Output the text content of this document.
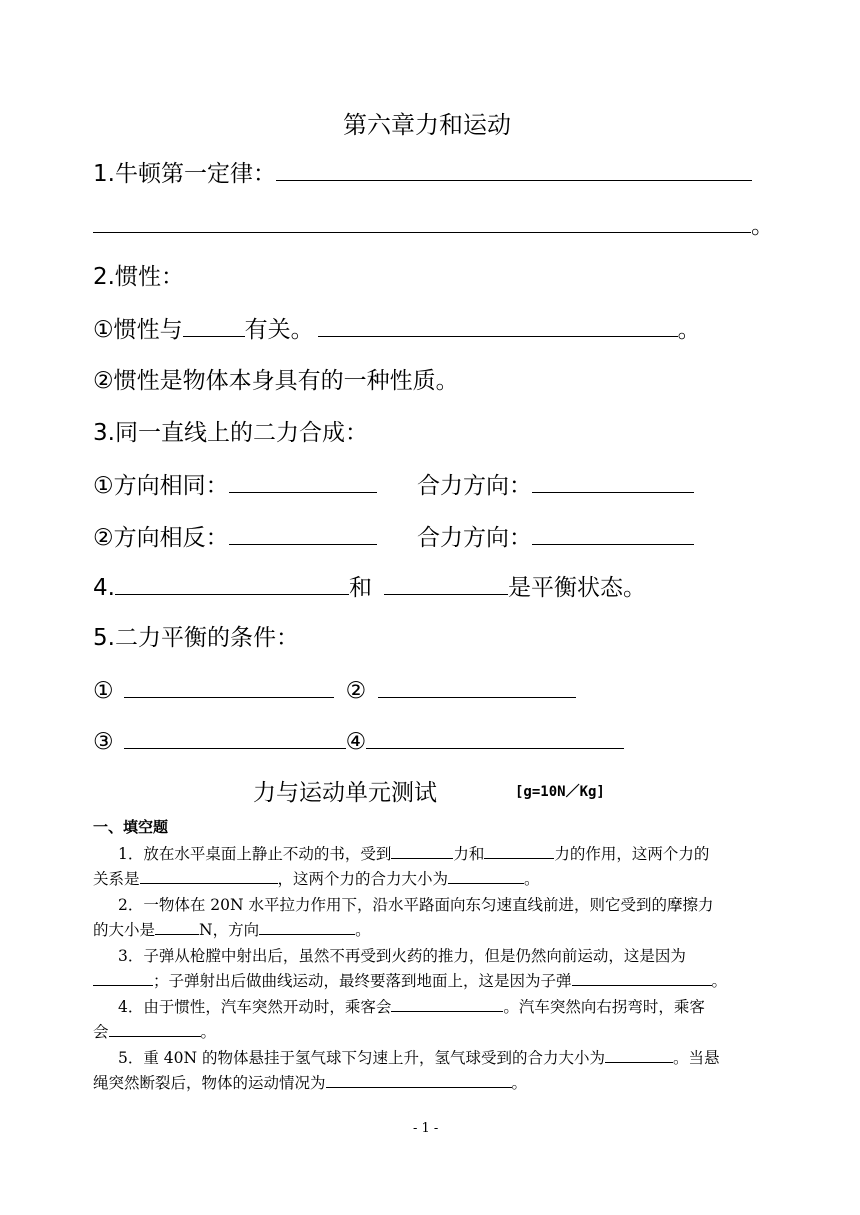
第六章力和运动
1.牛顿第一定律：
。
2.惯性：
①惯性与	有关。	。
②惯性是物体本身具有的一种性质。
3.同一直线上的二力合成：
①方向相同：	合力方向：
②方向相反：	合力方向：
4.	和	是平衡状态。
5.二力平衡的条件：
①	②
③	④
力与运动单元测试	[g=10N／Kg]
一、填空题
1．放在水平桌面上静止不动的书，受到	力和	力的作用，这两个力的
关系是	，这两个力的合力大小为	。
2．一物体在 20N 水平拉力作用下，沿水平路面向东匀速直线前进，则它受到的摩擦力
的大小是	N，方向	。
3．子弹从枪膛中射出后，虽然不再受到火药的推力，但是仍然向前运动，这是因为
；子弹射出后做曲线运动，最终要落到地面上，这是因为子弹	。
4．由于惯性，汽车突然开动时，乘客会	。汽车突然向右拐弯时，乘客
会	。
5．重 40N 的物体悬挂于氢气球下匀速上升，氢气球受到的合力大小为	。当悬
绳突然断裂后，物体的运动情况为	。
- 1 -
